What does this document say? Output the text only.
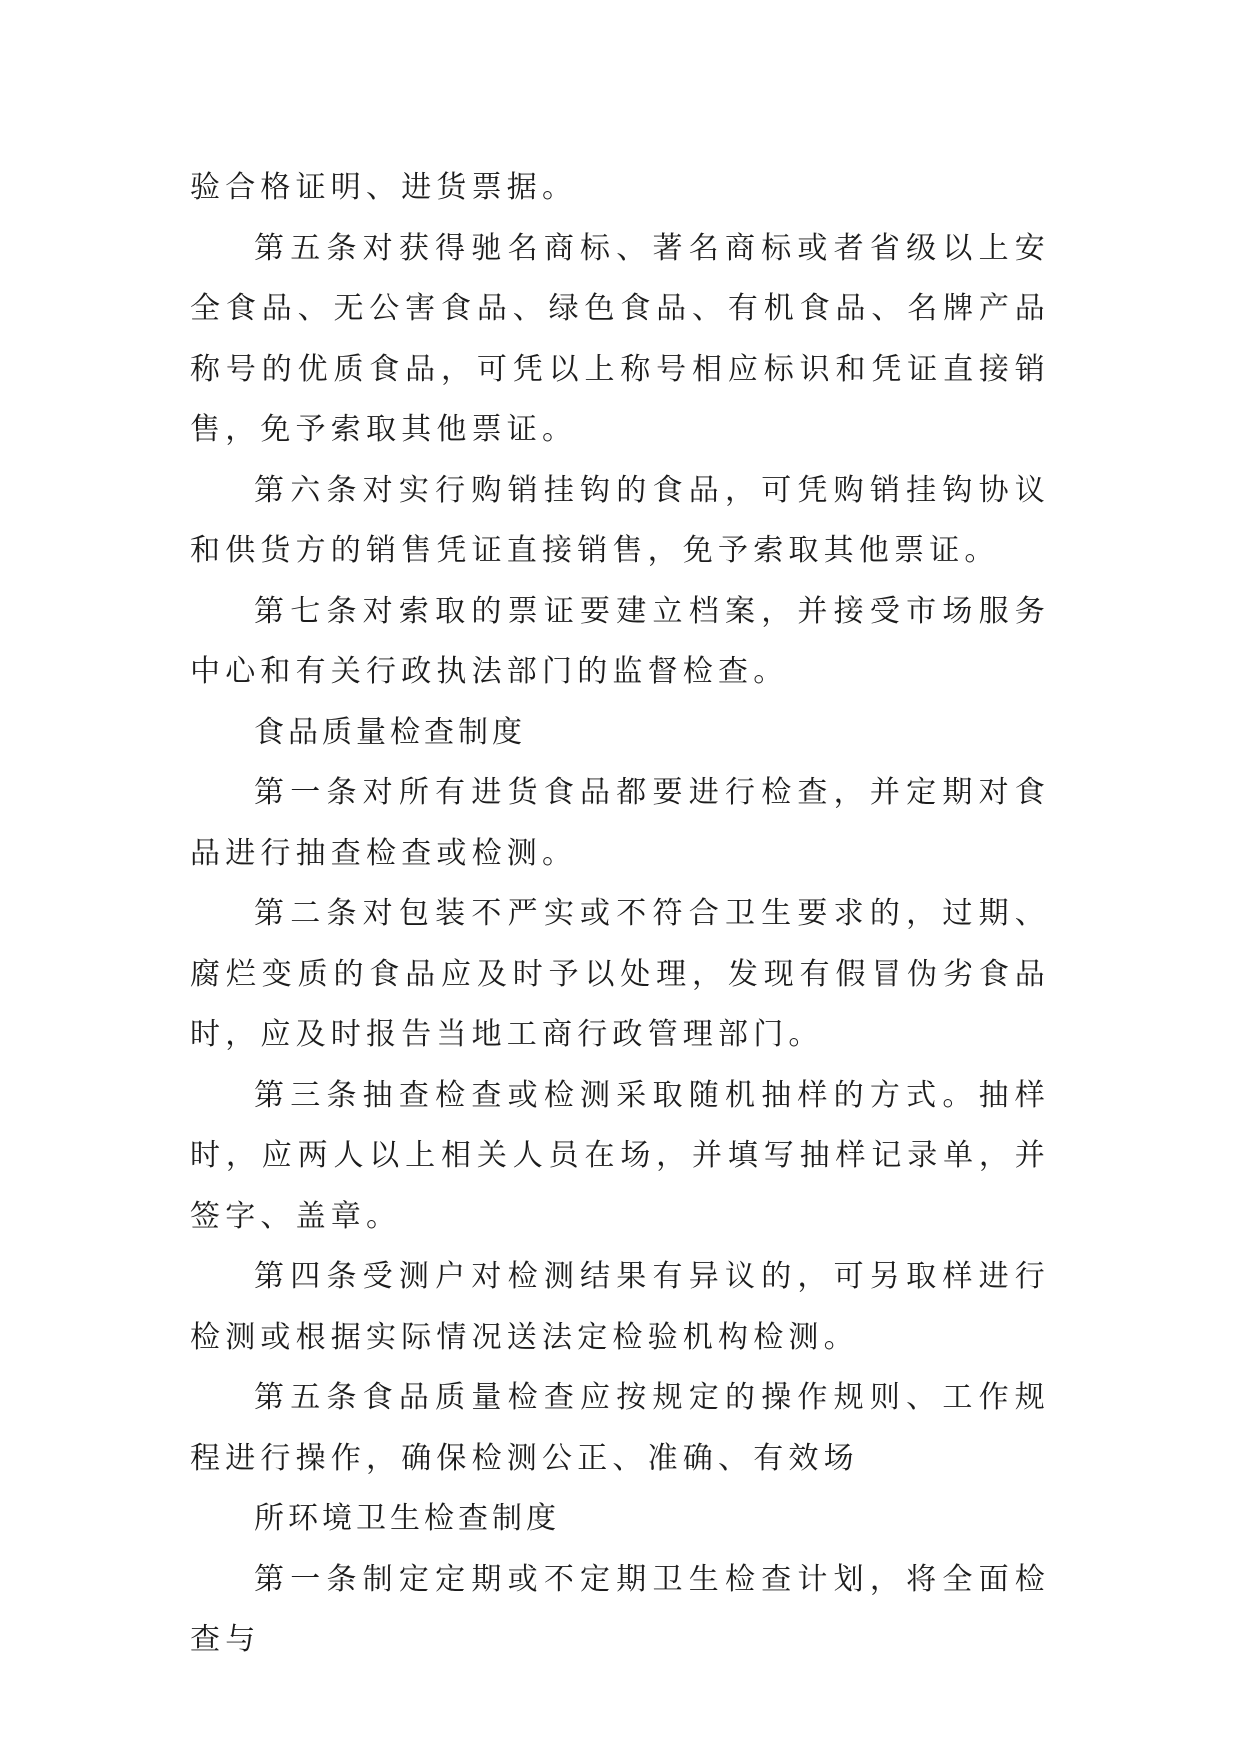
验合格证明、进货票据。

第五条对获得驰名商标、著名商标或者省级以上安全食品、无公害食品、绿色食品、有机食品、名牌产品称号的优质食品，可凭以上称号相应标识和凭证直接销售，免予索取其他票证。

第六条对实行购销挂钩的食品，可凭购销挂钩协议和供货方的销售凭证直接销售，免予索取其他票证。

第七条对索取的票证要建立档案，并接受市场服务中心和有关行政执法部门的监督检查。

食品质量检查制度

第一条对所有进货食品都要进行检查，并定期对食品进行抽查检查或检测。

第二条对包装不严实或不符合卫生要求的，过期、腐烂变质的食品应及时予以处理，发现有假冒伪劣食品时，应及时报告当地工商行政管理部门。

第三条抽查检查或检测采取随机抽样的方式。抽样时，应两人以上相关人员在场，并填写抽样记录单，并签字、盖章。

第四条受测户对检测结果有异议的，可另取样进行检测或根据实际情况送法定检验机构检测。

第五条食品质量检查应按规定的操作规则、工作规程进行操作，确保检测公正、准确、有效场

所环境卫生检查制度

第一条制定定期或不定期卫生检查计划，将全面检查与
